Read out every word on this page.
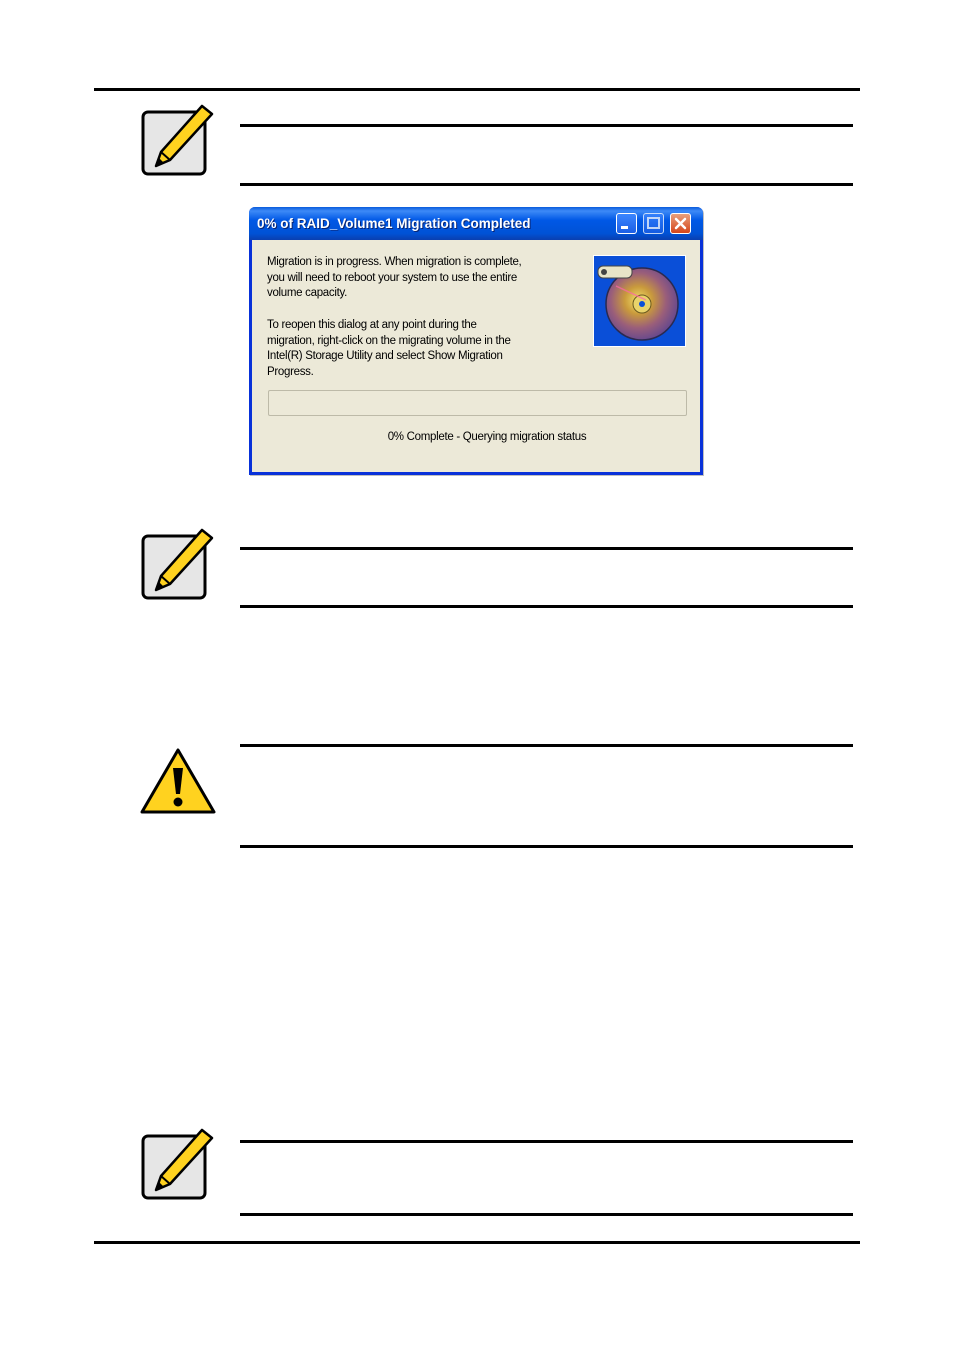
0% of RAID_Volume1 Migration Completed
Migration is in progress. When migration is complete,
you will need to reboot your system to use the entire
volume capacity.
To reopen this dialog at any point during the
migration, right-click on the migrating volume in the
Intel(R) Storage Utility and select Show Migration
Progress.
0% Complete - Querying migration status
